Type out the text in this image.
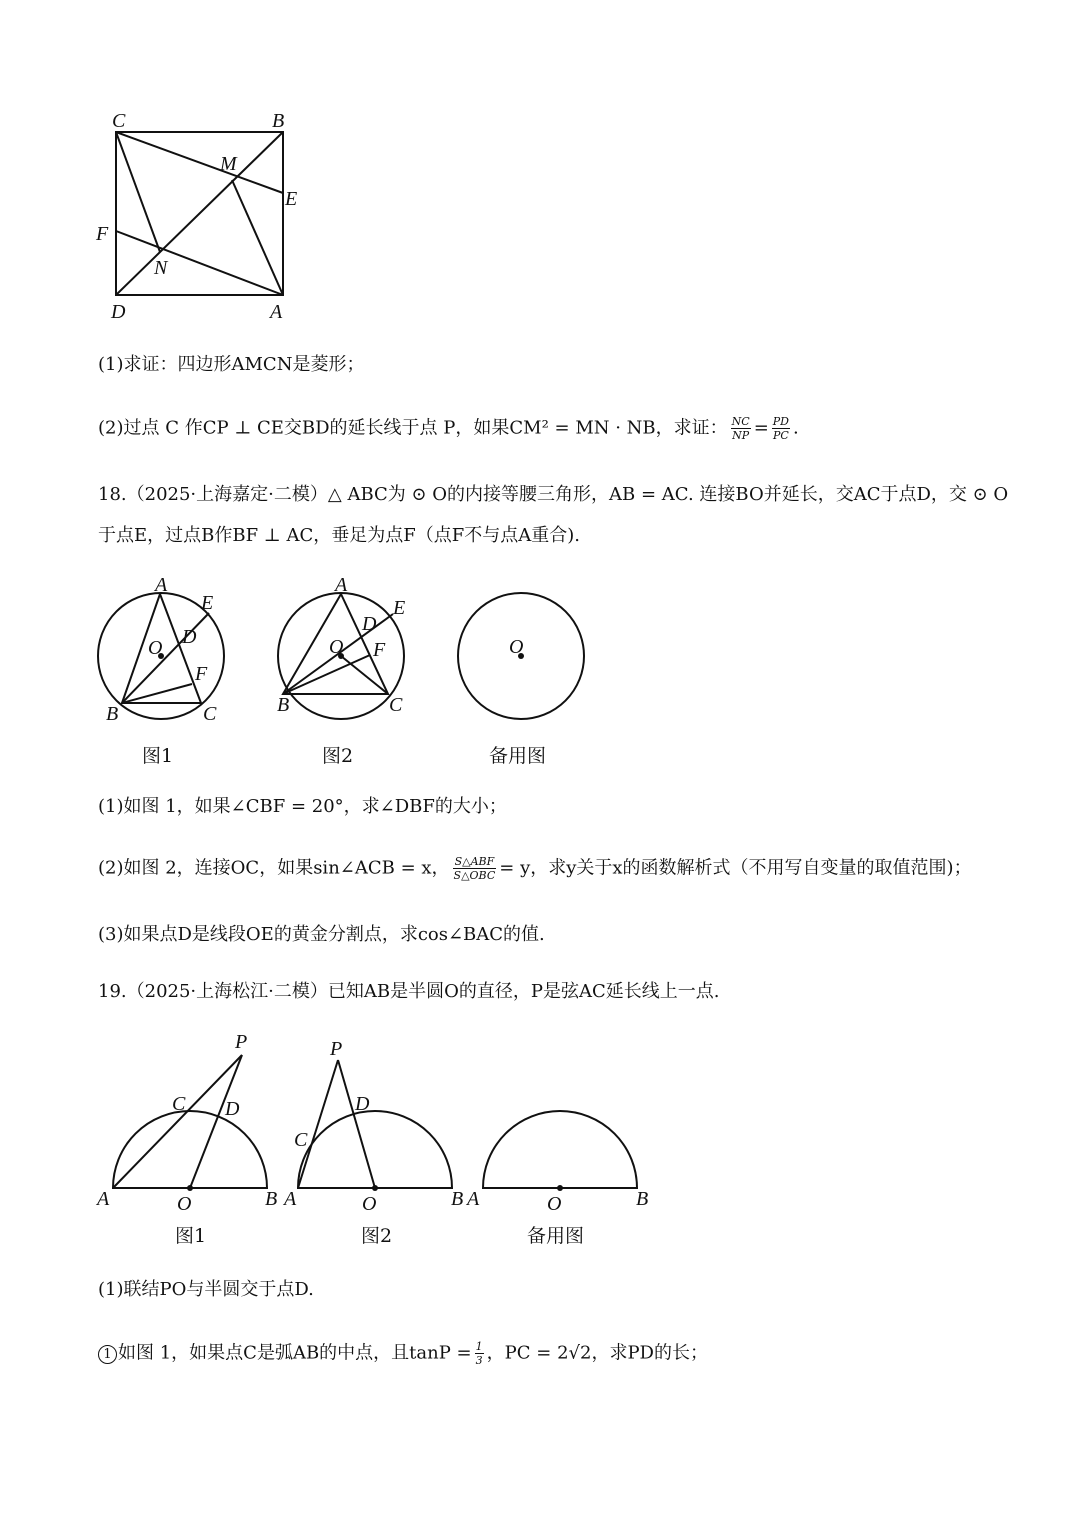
C	B
M
E
F
N
D	A
(1)求证：四边形AMCN是菱形；
(2)过点 C 作CP ⊥ CE交BD的延长线于点 P，如果CM² = MN · NB，求证： $\frac{NC}{NP} = \frac{PD}{PC}$ .
18.（2025·上海嘉定·二模）△ ABC为 ⊙ O的内接等腰三角形，AB = AC. 连接BO并延长，交AC于点D，交 ⊙ O
于点E，过点B作BF ⊥ AC，垂足为点F（点F不与点A重合).
A
E
D
O
F
B	C
图1
A
E
D
O F
B	C
图2
O
备用图
(1)如图 1，如果∠CBF = 20°，求∠DBF的大小；
(2)如图 2，连接OC，如果sin∠ACB = x， $\frac{\text{S△ABF}}{\text{S△OBC}} = y$，求y关于x的函数解析式（不用写自变量的取值范围)；
(3)如果点D是线段OE的黄金分割点，求cos∠BAC的值.
19.（2025·上海松江·二模）已知AB是半圆O的直径，P是弦AC延长线上一点.
P
C D
A	O	B
图1
P
D
C
A	O	B
图2
A	O	B
备用图
(1)联结PO与半圆交于点D.
1 如图 1，如果点C是弧AB的中点，且$\tan P = \frac{1}{3}$ ，PC = 2√2，求PD的长；
